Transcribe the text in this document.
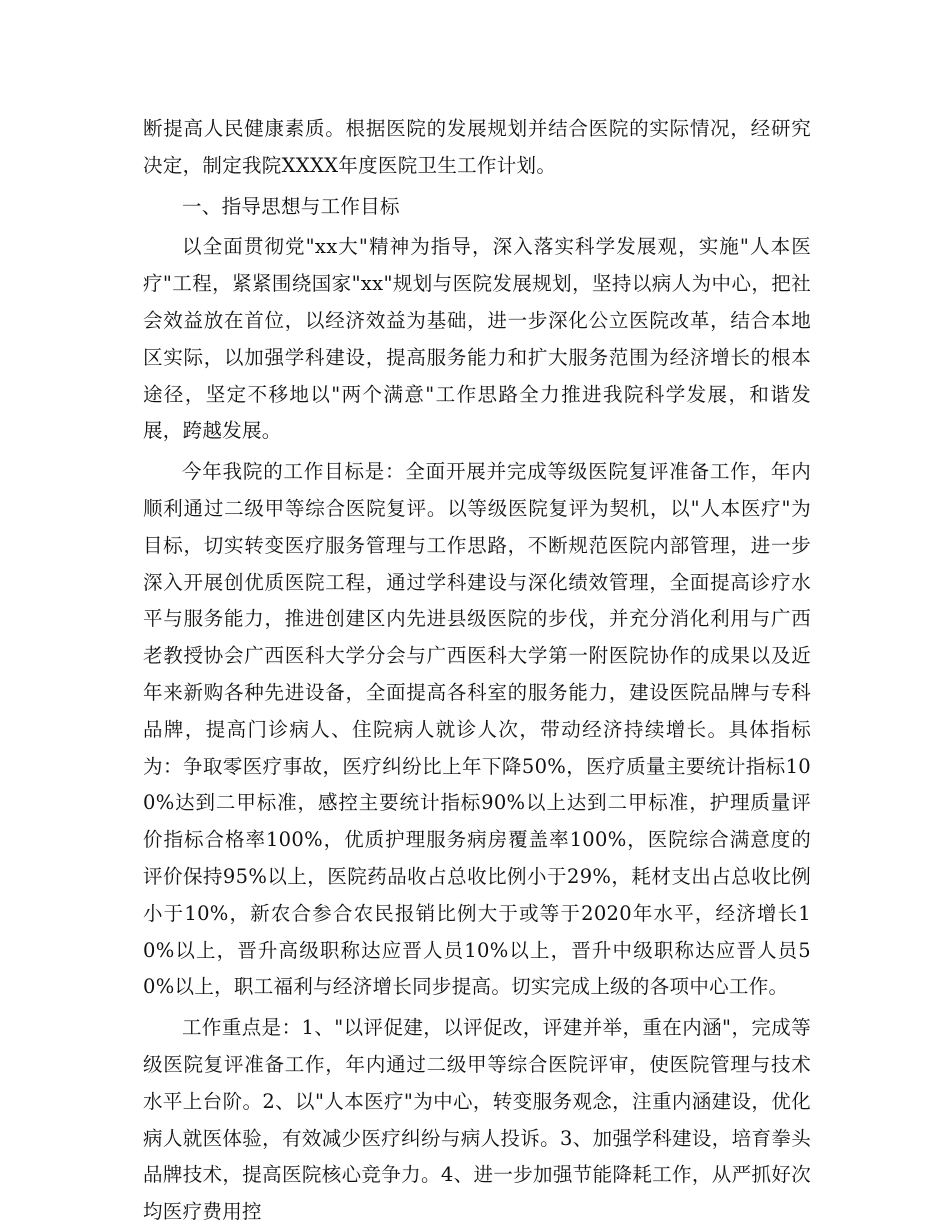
断提高人民健康素质。根据医院的发展规划并结合医院的实际情况，经研究决定，制定我院XXXX年度医院卫生工作计划。

一、指导思想与工作目标

以全面贯彻党"xx大"精神为指导，深入落实科学发展观，实施"人本医疗"工程，紧紧围绕国家"xx"规划与医院发展规划，坚持以病人为中心，把社会效益放在首位，以经济效益为基础，进一步深化公立医院改革，结合本地区实际，以加强学科建设，提高服务能力和扩大服务范围为经济增长的根本途径，坚定不移地以"两个满意"工作思路全力推进我院科学发展，和谐发展，跨越发展。

今年我院的工作目标是：全面开展并完成等级医院复评准备工作，年内顺利通过二级甲等综合医院复评。以等级医院复评为契机，以"人本医疗"为目标，切实转变医疗服务管理与工作思路，不断规范医院内部管理，进一步深入开展创优质医院工程，通过学科建设与深化绩效管理，全面提高诊疗水平与服务能力，推进创建区内先进县级医院的步伐，并充分消化利用与广西老教授协会广西医科大学分会与广西医科大学第一附医院协作的成果以及近年来新购各种先进设备，全面提高各科室的服务能力，建设医院品牌与专科品牌，提高门诊病人、住院病人就诊人次，带动经济持续增长。具体指标为：争取零医疗事故，医疗纠纷比上年下降50%，医疗质量主要统计指标100%达到二甲标准，感控主要统计指标90%以上达到二甲标准，护理质量评价指标合格率100%，优质护理服务病房覆盖率100%，医院综合满意度的评价保持95%以上，医院药品收占总收比例小于29%，耗材支出占总收比例小于10%，新农合参合农民报销比例大于或等于2020年水平，经济增长10%以上，晋升高级职称达应晋人员10%以上，晋升中级职称达应晋人员50%以上，职工福利与经济增长同步提高。切实完成上级的各项中心工作。

工作重点是：1、"以评促建，以评促改，评建并举，重在内涵"，完成等级医院复评准备工作，年内通过二级甲等综合医院评审，使医院管理与技术水平上台阶。2、以"人本医疗"为中心，转变服务观念，注重内涵建设，优化病人就医体验，有效减少医疗纠纷与病人投诉。3、加强学科建设，培育拳头品牌技术，提高医院核心竞争力。4、进一步加强节能降耗工作，从严抓好次均医疗费用控
